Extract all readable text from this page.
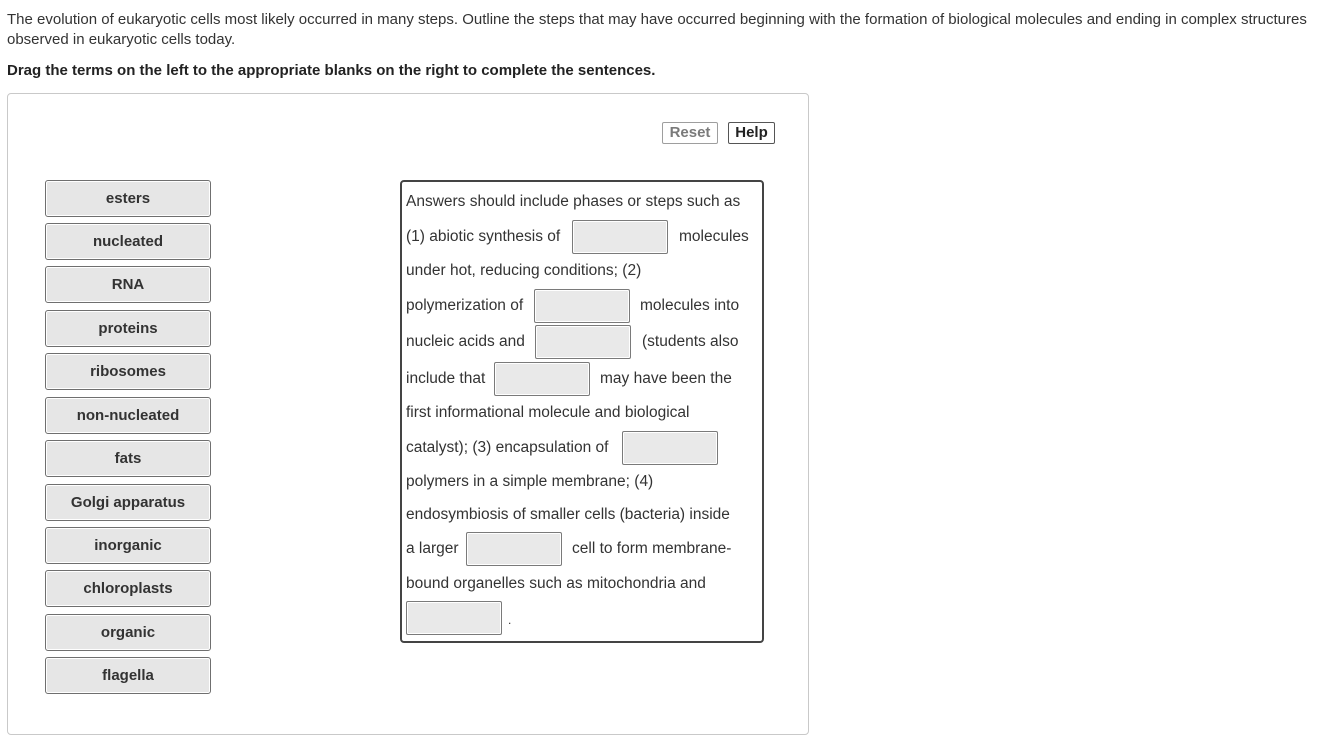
The evolution of eukaryotic cells most likely occurred in many steps. Outline the steps that may have occurred beginning with the formation of biological molecules and ending in complex structures observed in eukaryotic cells today.
Drag the terms on the left to the appropriate blanks on the right to complete the sentences.
Reset	Help
esters
nucleated
RNA
proteins
ribosomes
non-nucleated
fats
Golgi apparatus
inorganic
chloroplasts
organic
flagella
Answers should include phases or steps such as
(1) abiotic synthesis of	molecules
under hot, reducing conditions; (2)
polymerization of	molecules into
nucleic acids and	(students also
include that	may have been the
first informational molecule and biological
catalyst); (3) encapsulation of
polymers in a simple membrane; (4)
endosymbiosis of smaller cells (bacteria) inside
a larger	cell to form membrane-
bound organelles such as mitochondria and
.
